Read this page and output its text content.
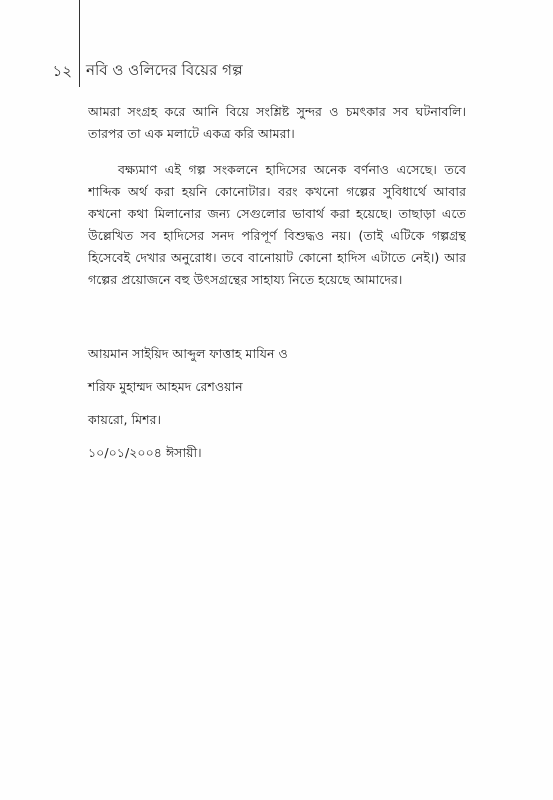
১২ নবি ও ওলিদের বিয়ের গল্প

আমরা সংগ্রহ করে আনি বিয়ে সংশ্লিষ্ট সুন্দর ও চমৎকার সব ঘটনাবলি। তারপর তা এক মলাটে একত্র করি আমরা।

বক্ষ্যমাণ এই গল্প সংকলনে হাদিসের অনেক বর্ণনাও এসেছে। তবে শাব্দিক অর্থ করা হয়নি কোনোটার। বরং কখনো গল্পের সুবিধার্থে আবার কখনো কথা মিলানোর জন্য সেগুলোর ভাবার্থ করা হয়েছে। তাছাড়া এতে উল্লেখিত সব হাদিসের সনদ পরিপূর্ণ বিশুদ্ধও নয়। (তাই এটিকে গল্পগ্রন্থ হিসেবেই দেখার অনুরোধ। তবে বানোয়াট কোনো হাদিস এটাতে নেই।) আর গল্পের প্রয়োজনে বহু উৎসগ্রন্থের সাহায্য নিতে হয়েছে আমাদের।

আয়মান সাইয়িদ আব্দুল ফাত্তাহ মাযিন ও
শরিফ মুহাম্মদ আহমদ রেশওয়ান
কায়রো, মিশর।
১০/০১/২০০৪ ঈসায়ী।
